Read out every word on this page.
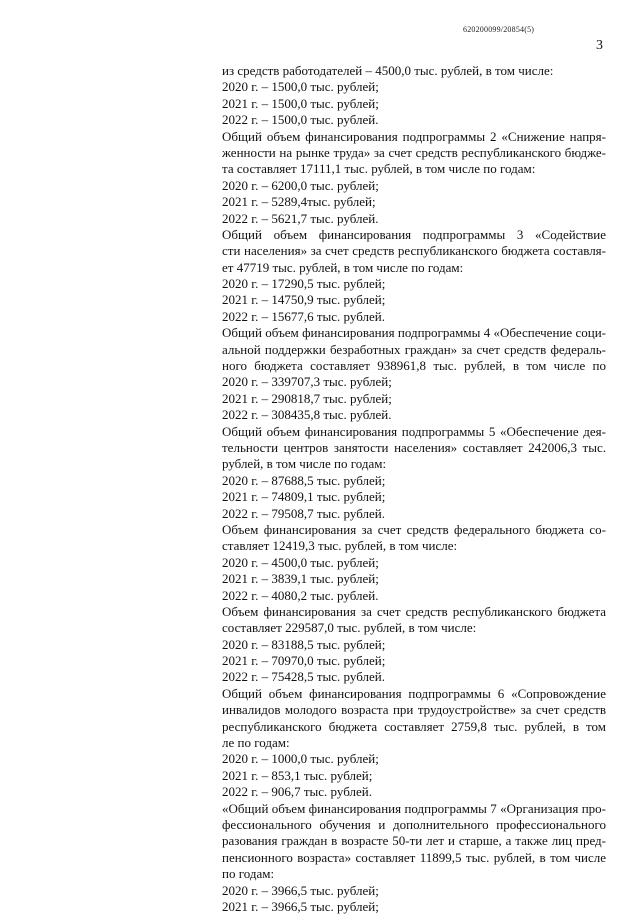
620200099/20854(5)
3
из средств работодателей – 4500,0 тыс. рублей, в том числе:
2020 г. – 1500,0 тыс. рублей;
2021 г. – 1500,0 тыс. рублей;
2022 г. – 1500,0 тыс. рублей.
Общий объем финансирования подпрограммы 2 «Снижение напря-
женности на рынке труда» за счет средств республиканского бюдже-
та составляет 17111,1 тыс. рублей, в том числе по годам:
2020 г. – 6200,0 тыс. рублей;
2021 г. – 5289,4тыс. рублей;
2022 г. – 5621,7 тыс. рублей.
Общий объем финансирования подпрограммы 3 «Содействие
сти населения» за счет средств республиканского бюджета составля-
ет 47719 тыс. рублей, в том числе по годам:
2020 г. – 17290,5 тыс. рублей;
2021 г. – 14750,9 тыс. рублей;
2022 г. – 15677,6 тыс. рублей.
Общий объем финансирования подпрограммы 4 «Обеспечение соци-
альной поддержки безработных граждан» за счет средств федераль-
ного бюджета составляет 938961,8 тыс. рублей, в том числе по
2020 г. – 339707,3 тыс. рублей;
2021 г. – 290818,7 тыс. рублей;
2022 г. – 308435,8 тыс. рублей.
Общий объем финансирования подпрограммы 5 «Обеспечение дея-
тельности центров занятости населения» составляет 242006,3 тыс.
рублей, в том числе по годам:
2020 г. – 87688,5 тыс. рублей;
2021 г. – 74809,1 тыс. рублей;
2022 г. – 79508,7 тыс. рублей.
Объем финансирования за счет средств федерального бюджета со-
ставляет 12419,3 тыс. рублей, в том числе:
2020 г. – 4500,0 тыс. рублей;
2021 г. – 3839,1 тыс. рублей;
2022 г. – 4080,2 тыс. рублей.
Объем финансирования за счет средств республиканского бюджета
составляет 229587,0 тыс. рублей, в том числе:
2020 г. – 83188,5 тыс. рублей;
2021 г. – 70970,0 тыс. рублей;
2022 г. – 75428,5 тыс. рублей.
Общий объем финансирования подпрограммы 6 «Сопровождение
инвалидов молодого возраста при трудоустройстве» за счет средств
республиканского бюджета составляет 2759,8 тыс. рублей, в том
ле по годам:
2020 г. – 1000,0 тыс. рублей;
2021 г. – 853,1 тыс. рублей;
2022 г. – 906,7 тыс. рублей.
«Общий объем финансирования подпрограммы 7 «Организация про-
фессионального обучения и дополнительного профессионального
разования граждан в возрасте 50-ти лет и старше, а также лиц пред-
пенсионного возраста» составляет 11899,5 тыс. рублей, в том числе
по годам:
2020 г. – 3966,5 тыс. рублей;
2021 г. – 3966,5 тыс. рублей;
